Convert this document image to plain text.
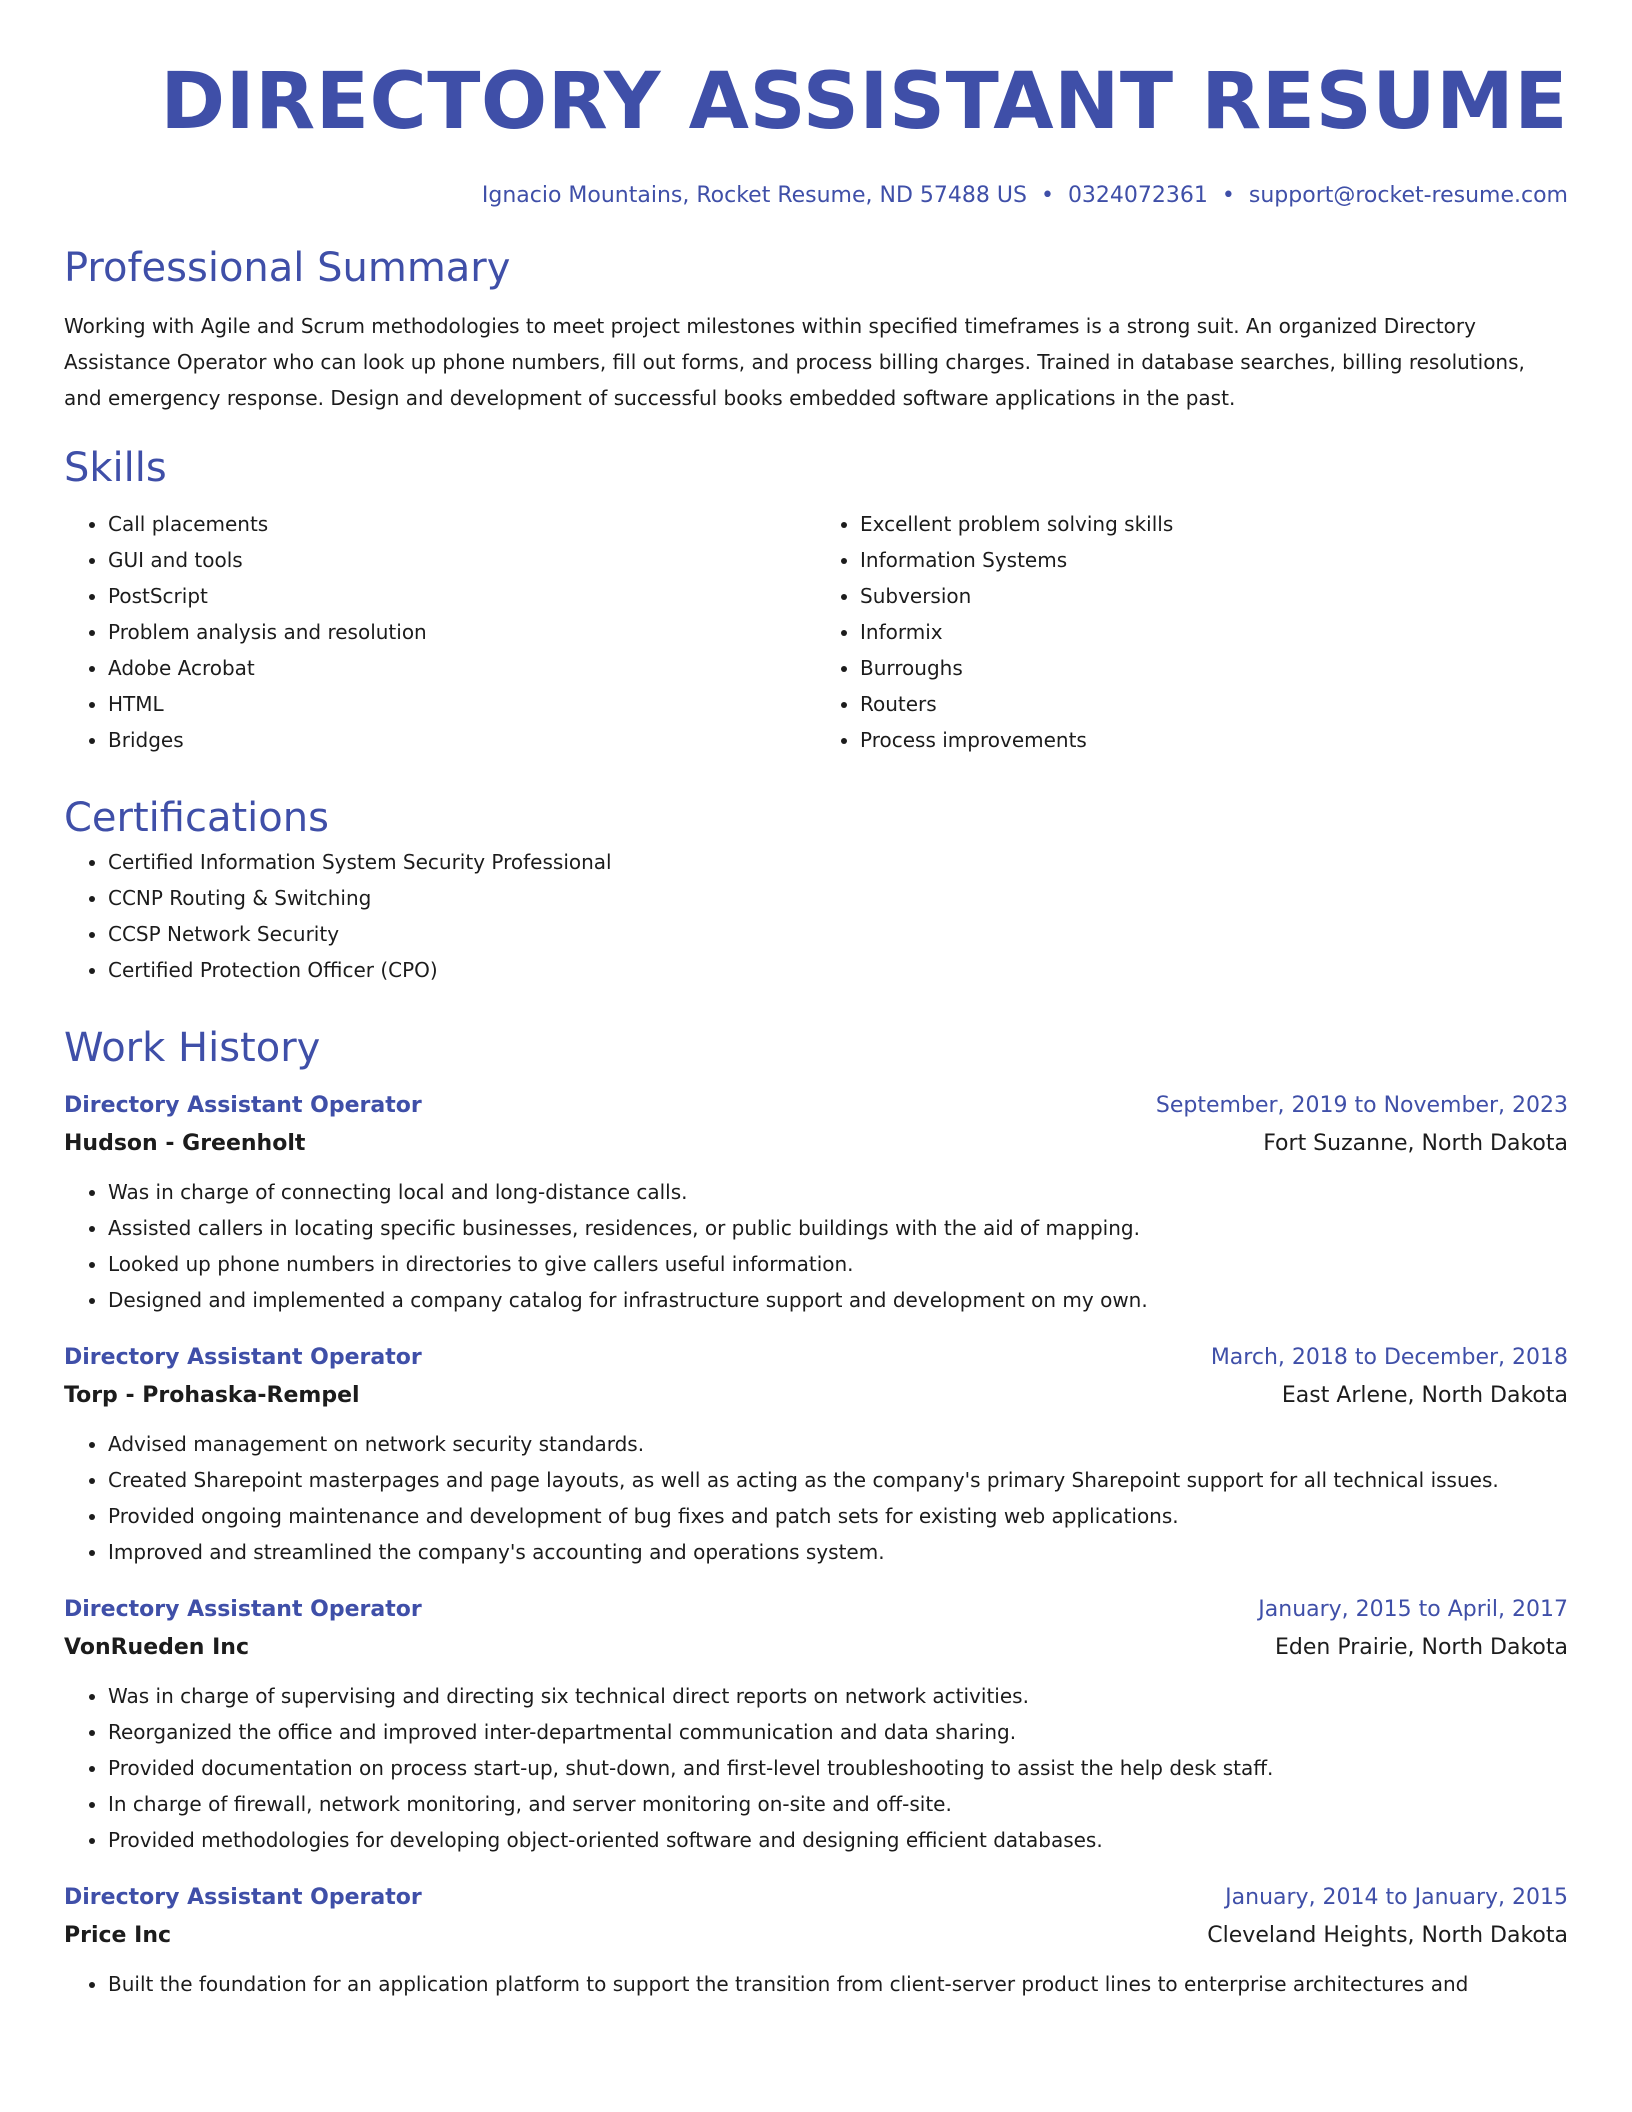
DIRECTORY ASSISTANT RESUME
Ignacio Mountains, Rocket Resume, ND 57488 US • 0324072361 • support@rocket-resume.com
Professional Summary

Working with Agile and Scrum methodologies to meet project milestones within specified timeframes is a strong suit. An organized Directory Assistance Operator who can look up phone numbers, fill out forms, and process billing charges. Trained in database searches, billing resolutions, and emergency response. Design and development of successful books embedded software applications in the past.

Skills
• Call placements
• GUI and tools
• PostScript
• Problem analysis and resolution
• Adobe Acrobat
• HTML
• Bridges
• Excellent problem solving skills
• Information Systems
• Subversion
• Informix
• Burroughs
• Routers
• Process improvements
Certifications
• Certified Information System Security Professional
• CCNP Routing & Switching
• CCSP Network Security
• Certified Protection Officer (CPO)
Work History
Directory Assistant Operator	September, 2019 to November, 2023
Hudson - Greenholt	Fort Suzanne, North Dakota
• Was in charge of connecting local and long-distance calls.
• Assisted callers in locating specific businesses, residences, or public buildings with the aid of mapping.
• Looked up phone numbers in directories to give callers useful information.
• Designed and implemented a company catalog for infrastructure support and development on my own.
Directory Assistant Operator	March, 2018 to December, 2018
Torp - Prohaska-Rempel	East Arlene, North Dakota
• Advised management on network security standards.
• Created Sharepoint masterpages and page layouts, as well as acting as the company's primary Sharepoint support for all technical issues.
• Provided ongoing maintenance and development of bug fixes and patch sets for existing web applications.
• Improved and streamlined the company's accounting and operations system.
Directory Assistant Operator	January, 2015 to April, 2017
VonRueden Inc	Eden Prairie, North Dakota
• Was in charge of supervising and directing six technical direct reports on network activities.
• Reorganized the office and improved inter-departmental communication and data sharing.
• Provided documentation on process start-up, shut-down, and first-level troubleshooting to assist the help desk staff.
• In charge of firewall, network monitoring, and server monitoring on-site and off-site.
• Provided methodologies for developing object-oriented software and designing efficient databases.
Directory Assistant Operator	January, 2014 to January, 2015
Price Inc	Cleveland Heights, North Dakota
• Built the foundation for an application platform to support the transition from client-server product lines to enterprise architectures and
